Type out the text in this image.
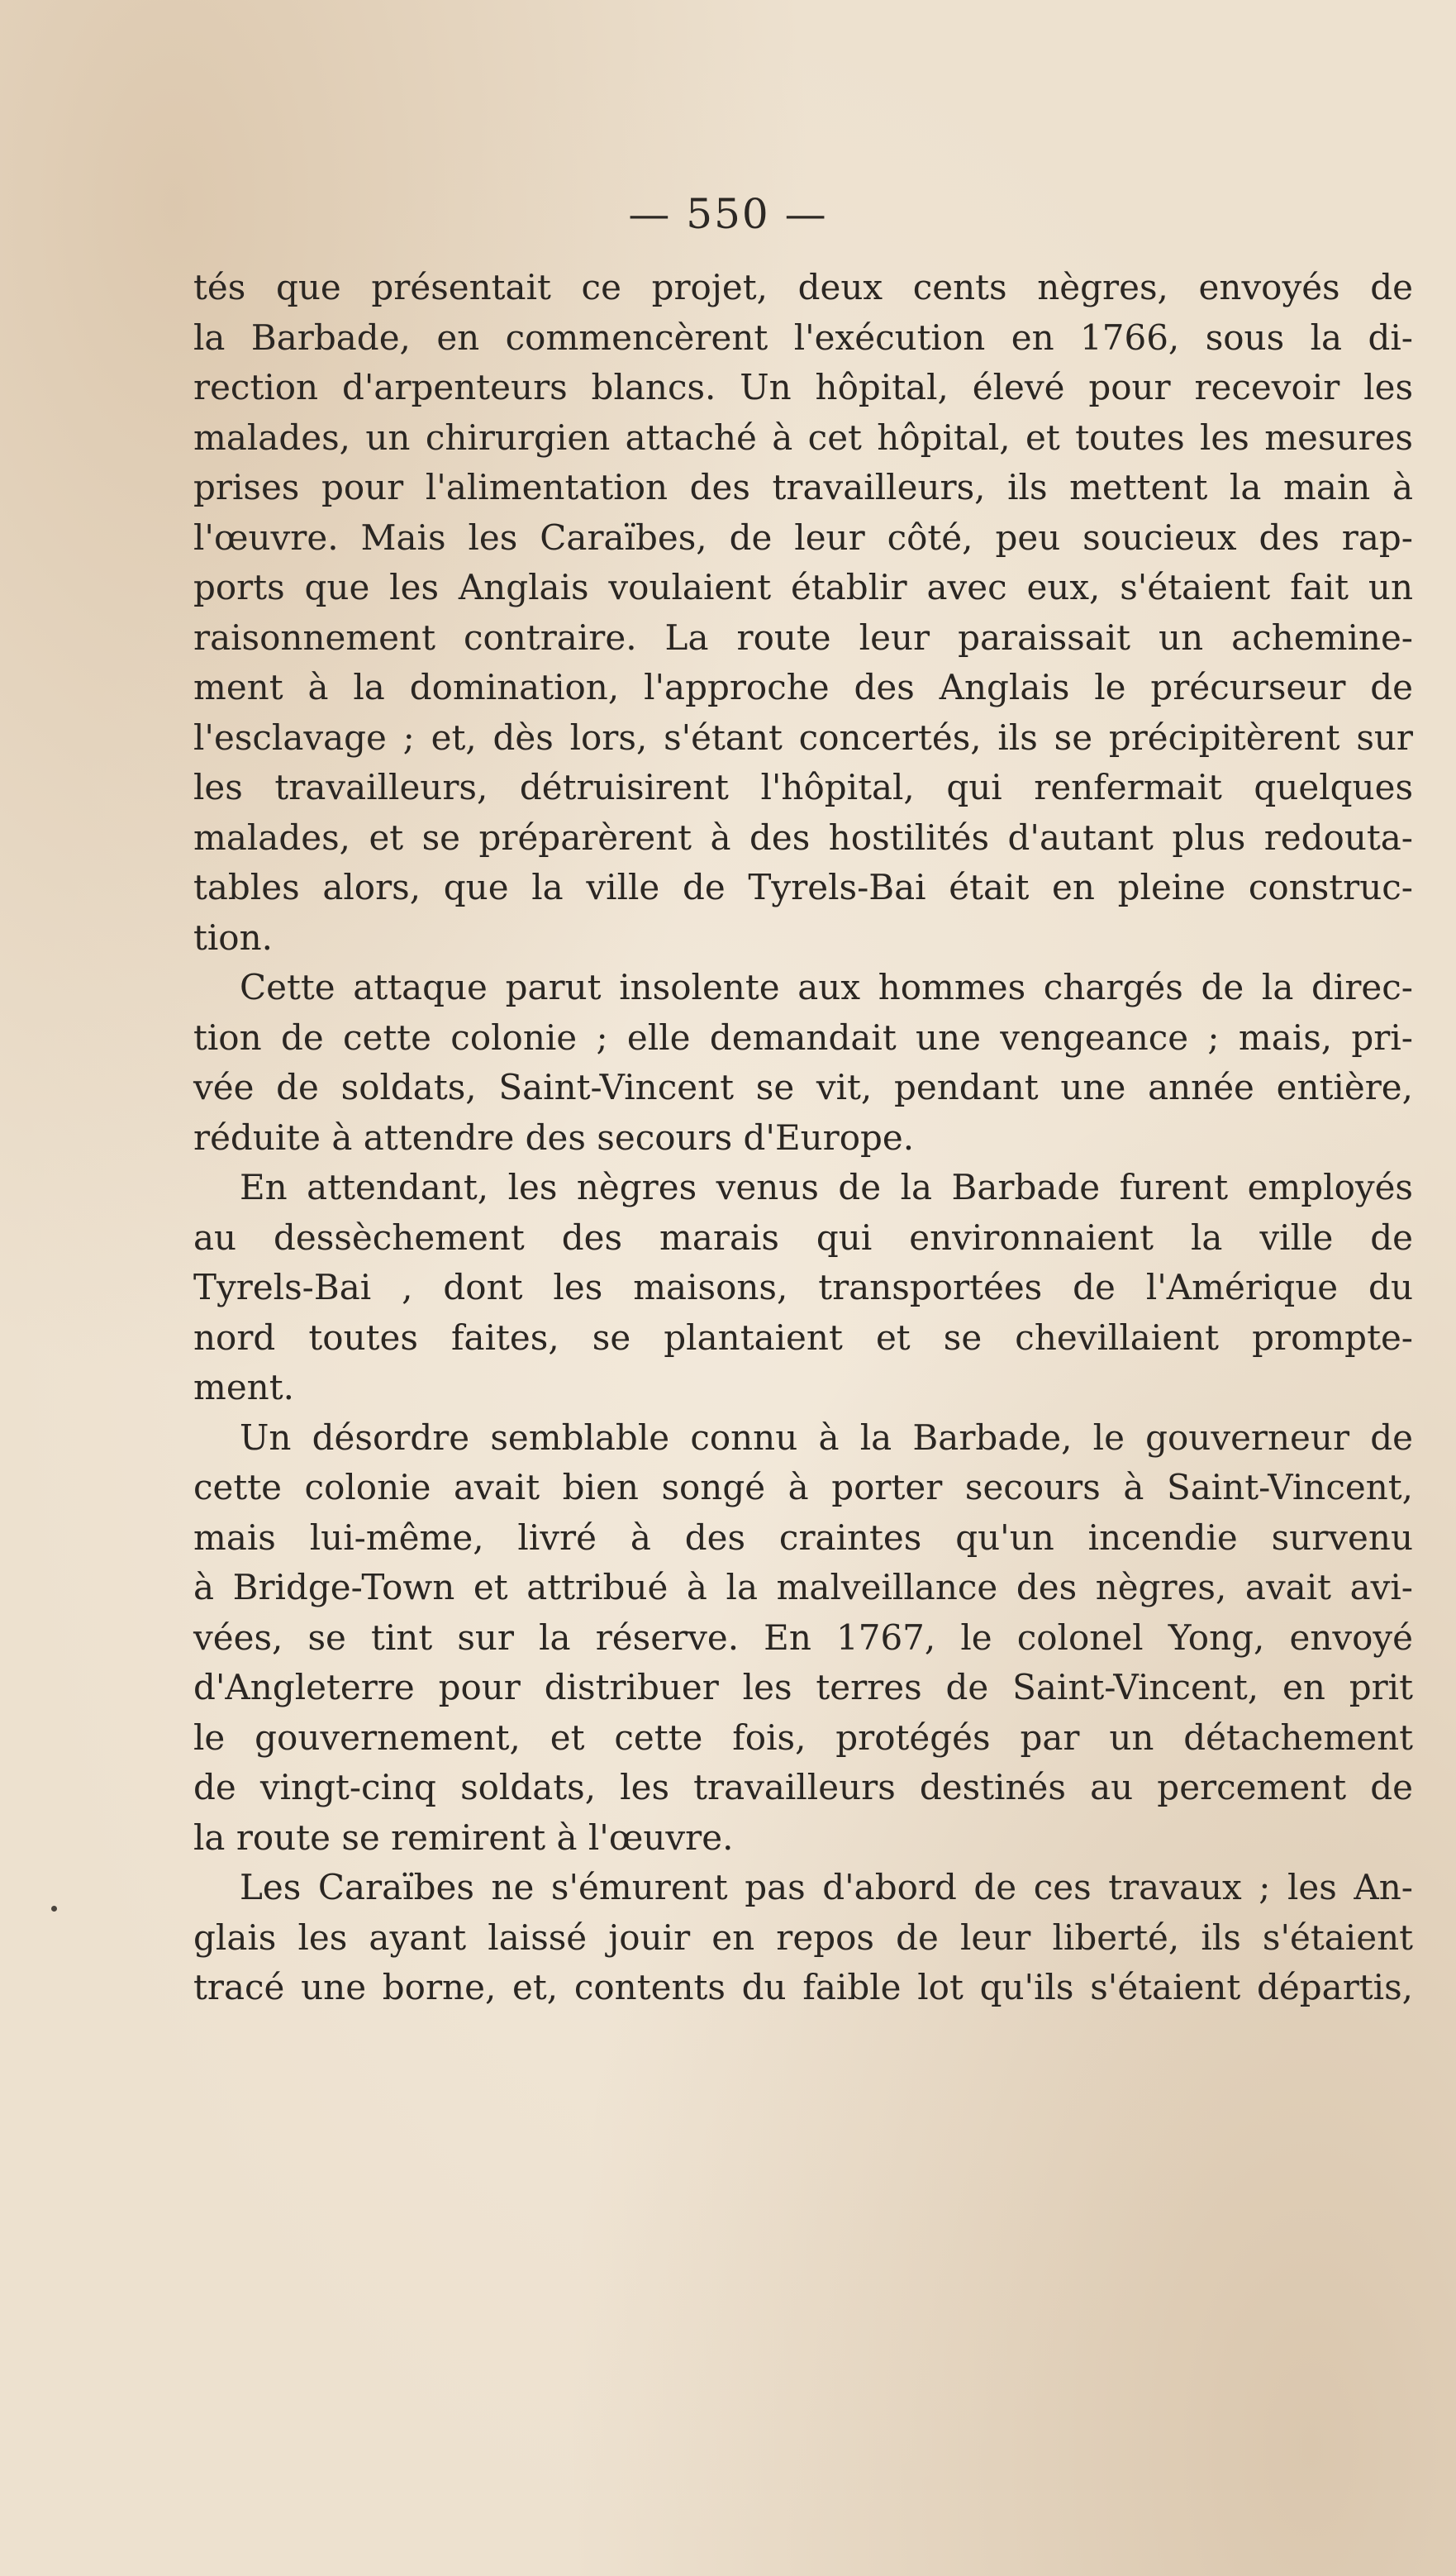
— 550 —
tés que présentait ce projet, deux cents nègres, envoyés de
la Barbade, en commencèrent l'exécution en 1766, sous la di-
rection d'arpenteurs blancs. Un hôpital, élevé pour recevoir les
malades, un chirurgien attaché à cet hôpital, et toutes les mesures
prises pour l'alimentation des travailleurs, ils mettent la main à
l'œuvre. Mais les Caraïbes, de leur côté, peu soucieux des rap-
ports que les Anglais voulaient établir avec eux, s'étaient fait un
raisonnement contraire. La route leur paraissait un achemine-
ment à la domination, l'approche des Anglais le précurseur de
l'esclavage ; et, dès lors, s'étant concertés, ils se précipitèrent sur
les travailleurs, détruisirent l'hôpital, qui renfermait quelques
malades, et se préparèrent à des hostilités d'autant plus redouta-
tables alors, que la ville de Tyrels-Bai était en pleine construc-
tion.
Cette attaque parut insolente aux hommes chargés de la direc-
tion de cette colonie ; elle demandait une vengeance ; mais, pri-
vée de soldats, Saint-Vincent se vit, pendant une année entière,
réduite à attendre des secours d'Europe.
En attendant, les nègres venus de la Barbade furent employés
au dessèchement des marais qui environnaient la ville de
Tyrels-Bai , dont les maisons, transportées de l'Amérique du
nord toutes faites, se plantaient et se chevillaient prompte-
ment.
Un désordre semblable connu à la Barbade, le gouverneur de
cette colonie avait bien songé à porter secours à Saint-Vincent,
mais lui-même, livré à des craintes qu'un incendie survenu
à Bridge-Town et attribué à la malveillance des nègres, avait avi-
vées, se tint sur la réserve. En 1767, le colonel Yong, envoyé
d'Angleterre pour distribuer les terres de Saint-Vincent, en prit
le gouvernement, et cette fois, protégés par un détachement
de vingt-cinq soldats, les travailleurs destinés au percement de
la route se remirent à l'œuvre.
Les Caraïbes ne s'émurent pas d'abord de ces travaux ; les An-
glais les ayant laissé jouir en repos de leur liberté, ils s'étaient
tracé une borne, et, contents du faible lot qu'ils s'étaient départis,
